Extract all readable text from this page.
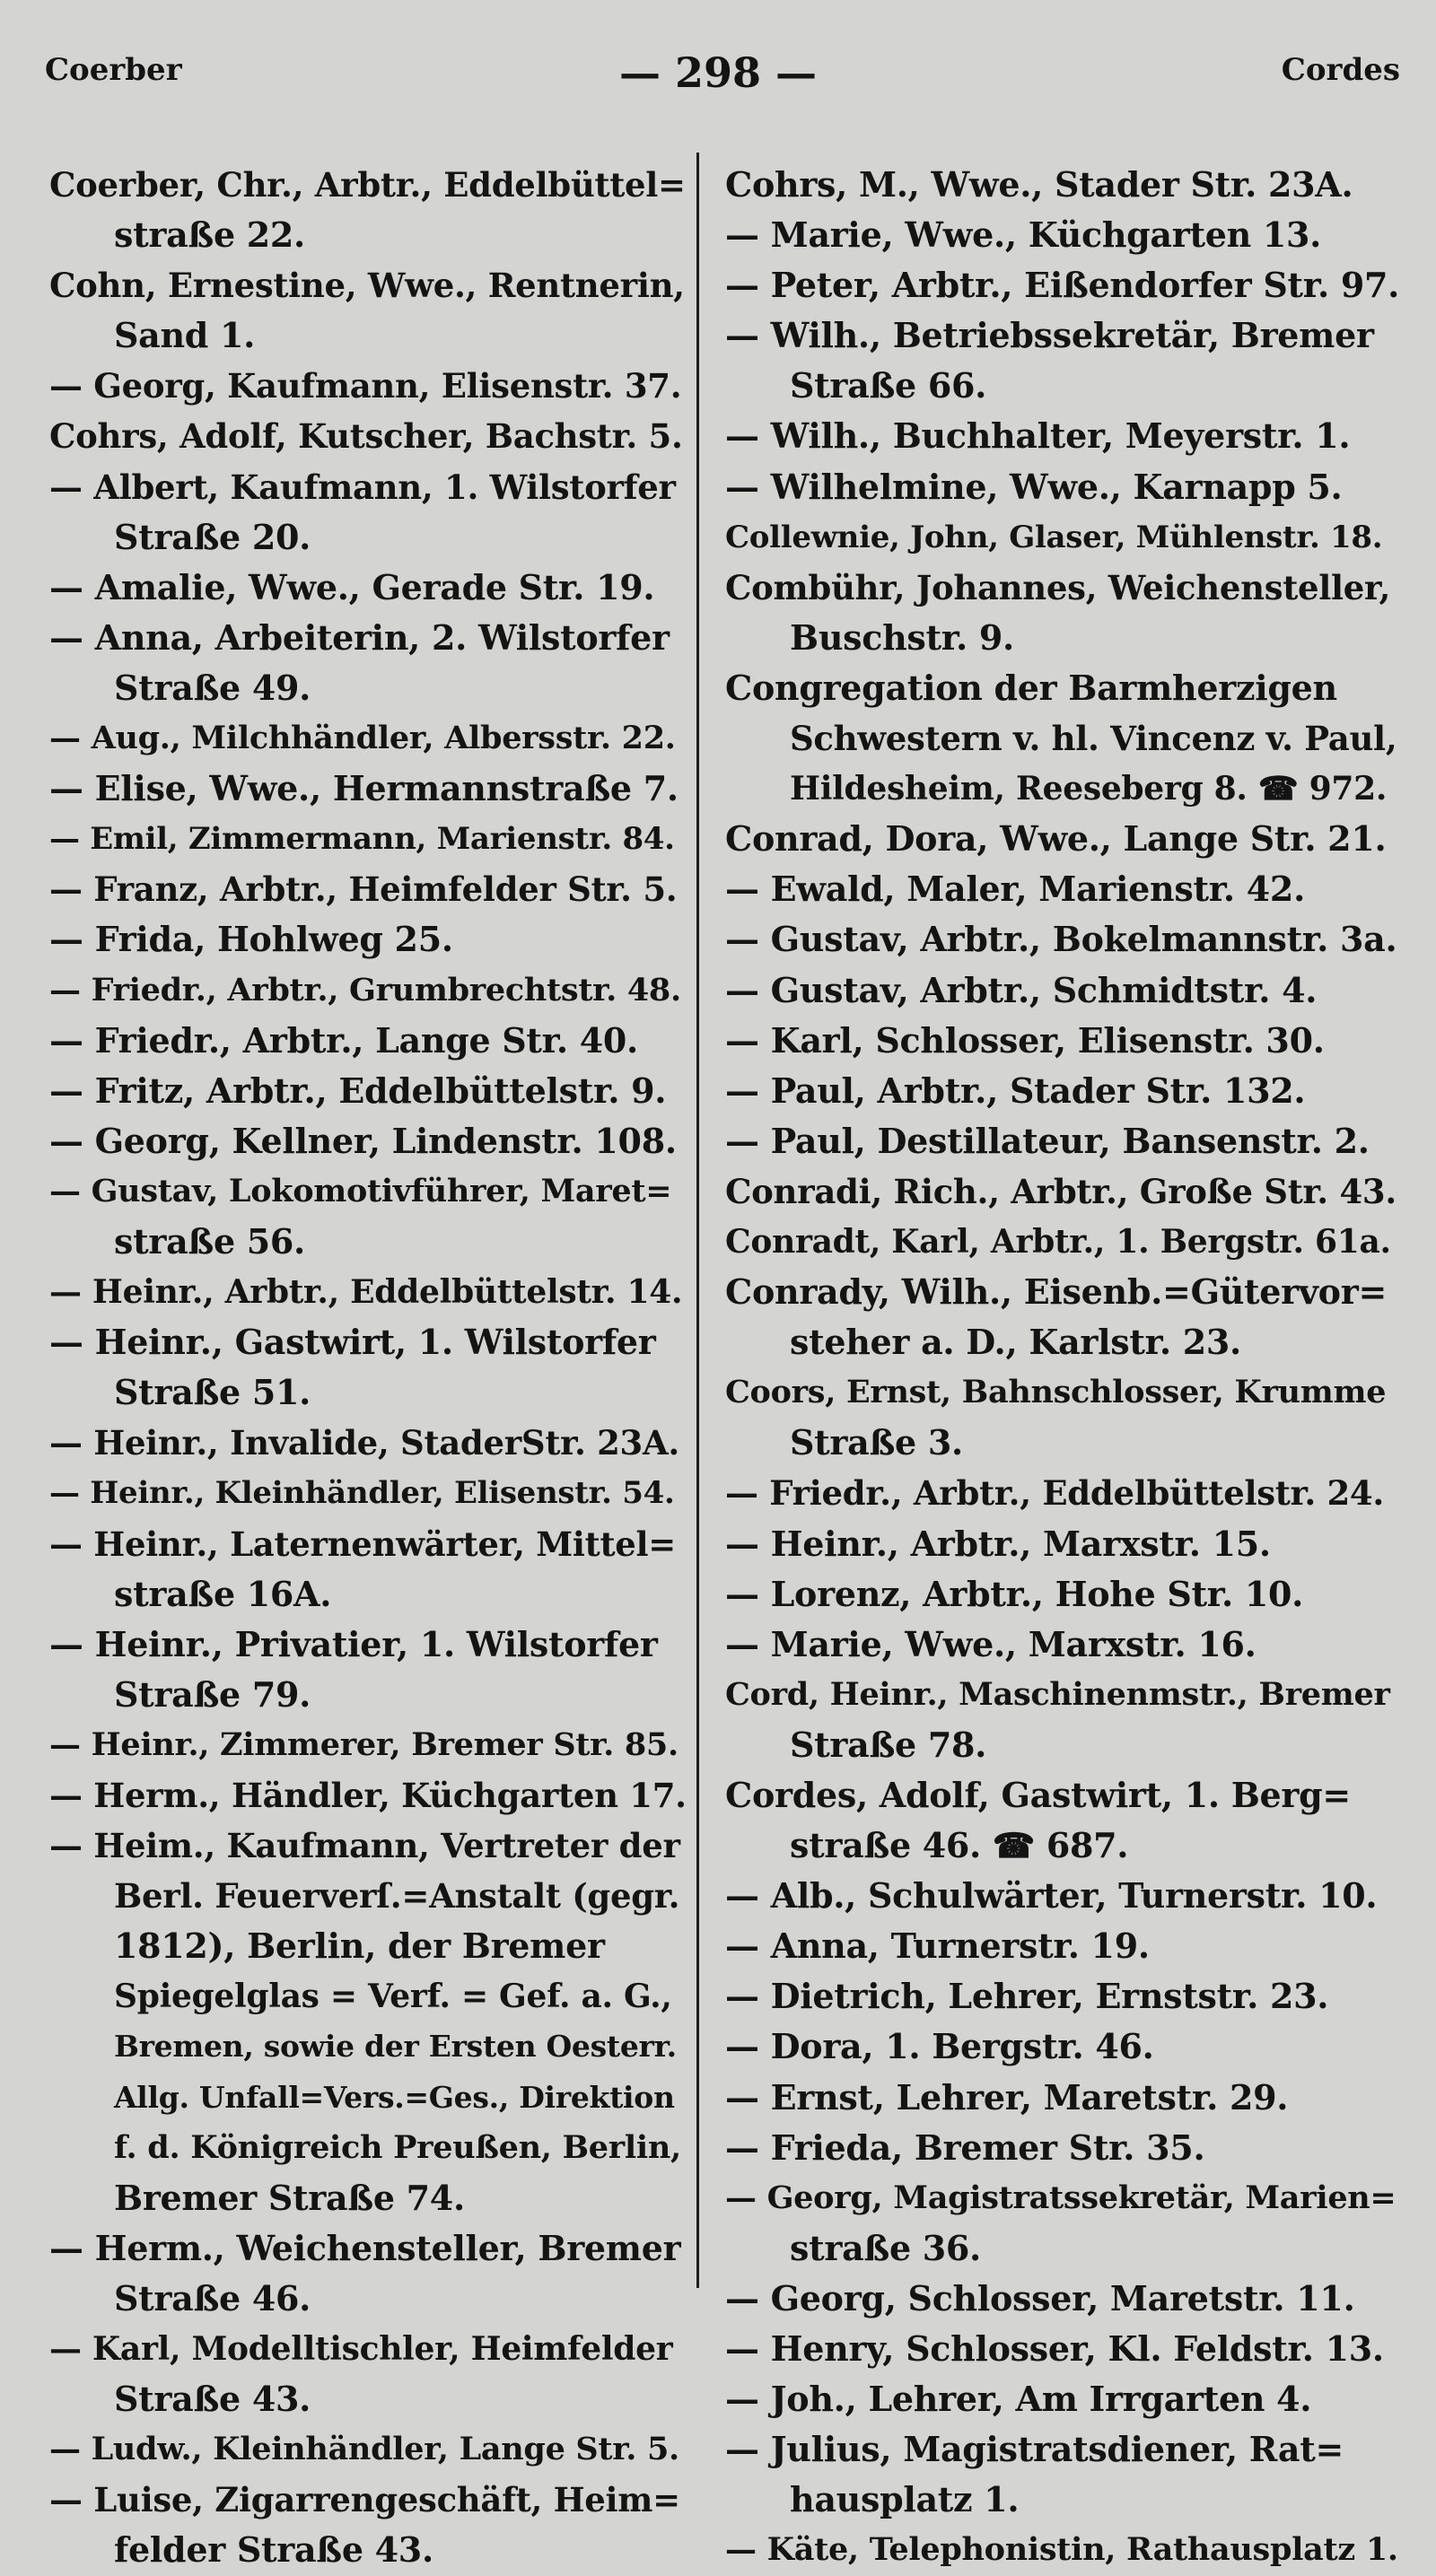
Coerber	— 298 —	Cordes
Coerber, Chr., Arbtr., Eddelbüttel=
straße 22.
Cohn, Ernestine, Wwe., Rentnerin,
Sand 1.
— Georg, Kaufmann, Elisenstr. 37.
Cohrs, Adolf, Kutscher, Bachstr. 5.
— Albert, Kaufmann, 1. Wilstorfer
Straße 20.
— Amalie, Wwe., Gerade Str. 19.
— Anna, Arbeiterin, 2. Wilstorfer
Straße 49.
— Aug., Milchhändler, Albersstr. 22.
— Elise, Wwe., Hermannstraße 7.
— Emil, Zimmermann, Marienstr. 84.
— Franz, Arbtr., Heimfelder Str. 5.
— Frida, Hohlweg 25.
— Friedr., Arbtr., Grumbrechtstr. 48.
— Friedr., Arbtr., Lange Str. 40.
— Fritz, Arbtr., Eddelbüttelstr. 9.
— Georg, Kellner, Lindenstr. 108.
— Gustav, Lokomotivführer, Maret=
straße 56.
— Heinr., Arbtr., Eddelbüttelstr. 14.
— Heinr., Gastwirt, 1. Wilstorfer
Straße 51.
— Heinr., Invalide, StaderStr. 23A.
— Heinr., Kleinhändler, Elisenstr. 54.
— Heinr., Laternenwärter, Mittel=
straße 16A.
— Heinr., Privatier, 1. Wilstorfer
Straße 79.
— Heinr., Zimmerer, Bremer Str. 85.
— Herm., Händler, Küchgarten 17.
— Heim., Kaufmann, Vertreter der
Berl. Feuerverſ.=Anstalt (gegr.
1812), Berlin, der Bremer
Spiegelglas = Verf. = Gef. a. G.,
Bremen, sowie der Ersten Oesterr.
Allg. Unfall=Vers.=Ges., Direktion
f. d. Königreich Preußen, Berlin,
Bremer Straße 74.
— Herm., Weichensteller, Bremer
Straße 46.
— Karl, Modelltischler, Heimfelder
Straße 43.
— Ludw., Kleinhändler, Lange Str. 5.
— Luise, Zigarrengeschäft, Heim=
felder Straße 43.
Cohrs, M., Wwe., Stader Str. 23A.
— Marie, Wwe., Küchgarten 13.
— Peter, Arbtr., Eißendorfer Str. 97.
— Wilh., Betriebssekretär, Bremer
Straße 66.
— Wilh., Buchhalter, Meyerstr. 1.
— Wilhelmine, Wwe., Karnapp 5.
Collewnie, John, Glaser, Mühlenstr. 18.
Combühr, Johannes, Weichensteller,
Buschstr. 9.
Congregation der Barmherzigen
Schwestern v. hl. Vincenz v. Paul,
Hildesheim, Reeseberg 8. ☎ 972.
Conrad, Dora, Wwe., Lange Str. 21.
— Ewald, Maler, Marienstr. 42.
— Gustav, Arbtr., Bokelmannstr. 3a.
— Gustav, Arbtr., Schmidtstr. 4.
— Karl, Schlosser, Elisenstr. 30.
— Paul, Arbtr., Stader Str. 132.
— Paul, Destillateur, Bansenstr. 2.
Conradi, Rich., Arbtr., Große Str. 43.
Conradt, Karl, Arbtr., 1. Bergstr. 61a.
Conrady, Wilh., Eisenb.=Gütervor=
steher a. D., Karlstr. 23.
Coors, Ernst, Bahnschlosser, Krumme
Straße 3.
— Friedr., Arbtr., Eddelbüttelstr. 24.
— Heinr., Arbtr., Marxstr. 15.
— Lorenz, Arbtr., Hohe Str. 10.
— Marie, Wwe., Marxstr. 16.
Cord, Heinr., Maschinenmstr., Bremer
Straße 78.
Cordes, Adolf, Gastwirt, 1. Berg=
straße 46. ☎ 687.
— Alb., Schulwärter, Turnerstr. 10.
— Anna, Turnerstr. 19.
— Dietrich, Lehrer, Ernststr. 23.
— Dora, 1. Bergstr. 46.
— Ernst, Lehrer, Maretstr. 29.
— Frieda, Bremer Str. 35.
— Georg, Magistratssekretär, Marien=
straße 36.
— Georg, Schlosser, Maretstr. 11.
— Henry, Schlosser, Kl. Feldstr. 13.
— Joh., Lehrer, Am Irrgarten 4.
— Julius, Magistratsdiener, Rat=
hausplatz 1.
— Käte, Telephonistin, Rathausplatz 1.
